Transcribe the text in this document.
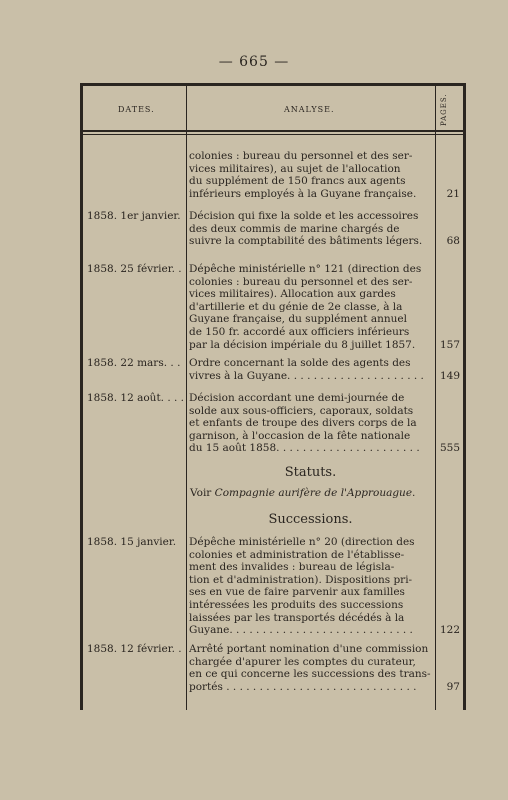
— 665 —
DATES.	ANALYSE.	PAGES.
colonies : bureau du personnel et des ser-
vices militaires), au sujet de l'allocation
du supplément de 150 francs aux agents
inférieurs employés à la Guyane française.	21
1858. 1er janvier. Décision qui fixe la solde et les accessoires
des deux commis de marine chargés de
suivre la comptabilité des bâtiments légers.	68
1858. 25 février. . Dépêche ministérielle n° 121 (direction des
colonies : bureau du personnel et des ser-
vices militaires). Allocation aux gardes
d'artillerie et du génie de 2e classe, à la
Guyane française, du supplément annuel
de 150 fr. accordé aux officiers inférieurs
par la décision impériale du 8 juillet 1857.	157
1858. 22 mars. . . Ordre concernant la solde des agents des
vivres à la Guyane. . . . . . . . . . . . . . . . . . . . .	149
1858. 12 août. . . . Décision accordant une demi-journée de
solde aux sous-officiers, caporaux, soldats
et enfants de troupe des divers corps de la
garnison, à l'occasion de la fête nationale
du 15 août 1858. . . . . . . . . . . . . . . . . . . . . .	555
Statuts.
Voir Compagnie aurifère de l'Approuague.
Successions.
1858. 15 janvier.	Dépêche ministérielle n° 20 (direction des
colonies et administration de l'établisse-
ment des invalides : bureau de législa-
tion et d'administration). Dispositions pri-
ses en vue de faire parvenir aux familles
intéressées les produits des successions
laissées par les transportés décédés à la
Guyane. . . . . . . . . . . . . . . . . . . . . . . . . . . .	122
1858. 12 février. . Arrêté portant nomination d'une commission
chargée d'apurer les comptes du curateur,
en ce qui concerne les successions des trans-
portés . . . . . . . . . . . . . . . . . . . . . . . . . . . . .	97
